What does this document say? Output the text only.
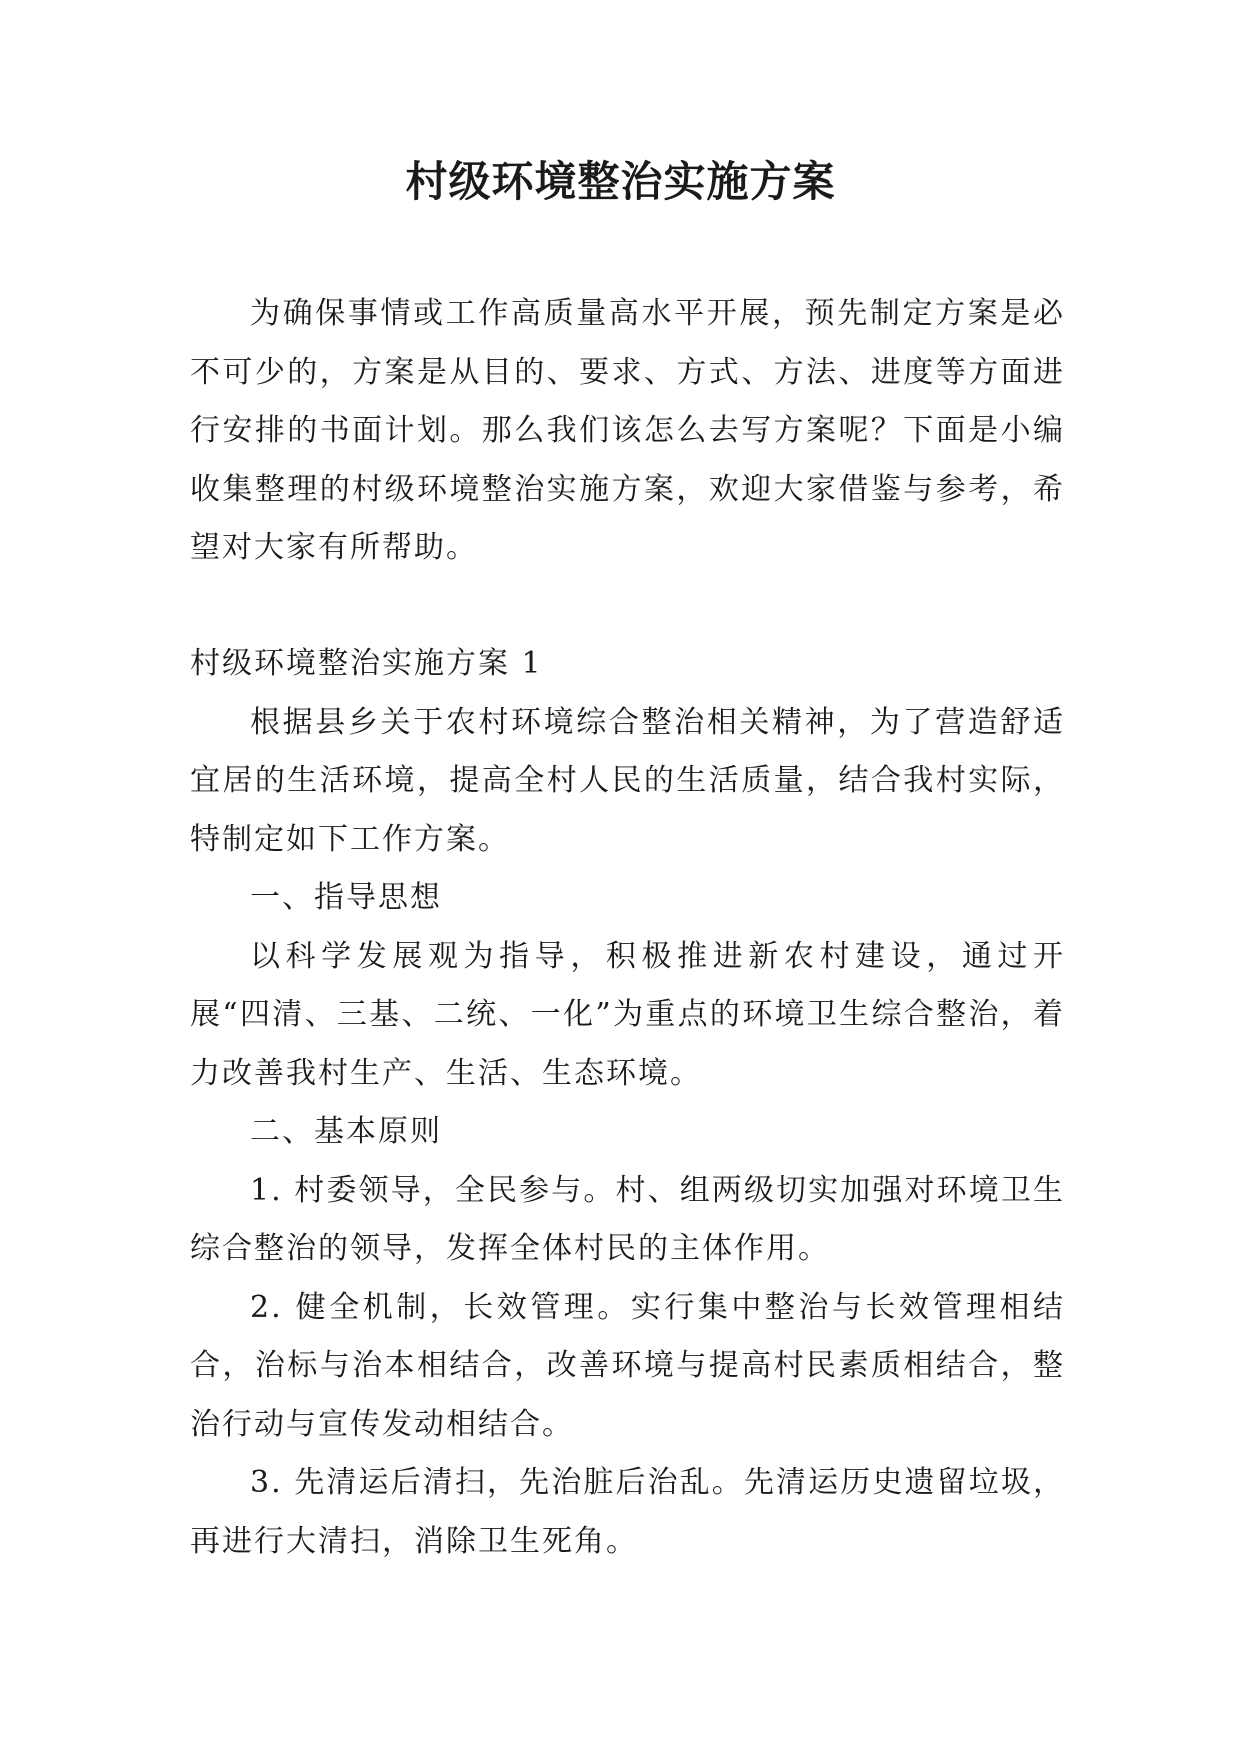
村级环境整治实施方案

为确保事情或工作高质量高水平开展，预先制定方案是必不可少的，方案是从目的、要求、方式、方法、进度等方面进行安排的书面计划。那么我们该怎么去写方案呢？下面是小编收集整理的村级环境整治实施方案，欢迎大家借鉴与参考，希望对大家有所帮助。

村级环境整治实施方案 1

根据县乡关于农村环境综合整治相关精神，为了营造舒适宜居的生活环境，提高全村人民的生活质量，结合我村实际，特制定如下工作方案。

一、指导思想

以科学发展观为指导，积极推进新农村建设，通过开展“四清、三基、二统、一化”为重点的环境卫生综合整治，着力改善我村生产、生活、生态环境。

二、基本原则

1. 村委领导，全民参与。村、组两级切实加强对环境卫生综合整治的领导，发挥全体村民的主体作用。

2. 健全机制，长效管理。实行集中整治与长效管理相结合，治标与治本相结合，改善环境与提高村民素质相结合，整治行动与宣传发动相结合。

3. 先清运后清扫，先治脏后治乱。先清运历史遗留垃圾，再进行大清扫，消除卫生死角。
